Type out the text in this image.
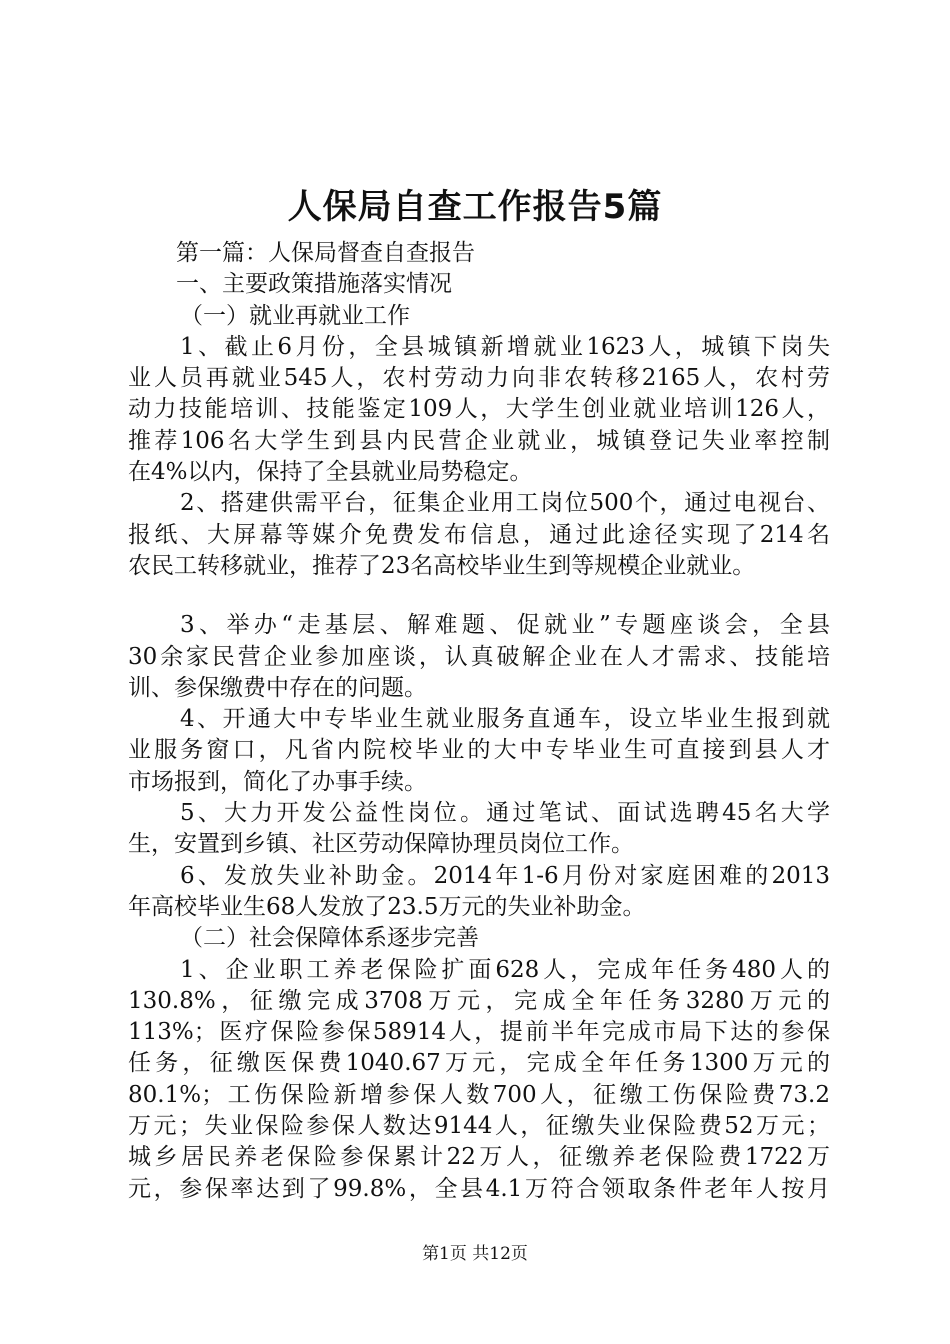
人保局自查工作报告5篇

第一篇：人保局督查自查报告

一、主要政策措施落实情况

（一）就业再就业工作

1、截止6月份，全县城镇新增就业1623人，城镇下岗失

业人员再就业545人，农村劳动力向非农转移2165人，农村劳

动力技能培训、技能鉴定109人，大学生创业就业培训126人，

推荐106名大学生到县内民营企业就业，城镇登记失业率控制

在4%以内，保持了全县就业局势稳定。

2、搭建供需平台，征集企业用工岗位500个，通过电视台、

报纸、大屏幕等媒介免费发布信息，通过此途径实现了214名

农民工转移就业，推荐了23名高校毕业生到等规模企业就业。

3、举办“走基层、解难题、促就业”专题座谈会，全县

30余家民营企业参加座谈，认真破解企业在人才需求、技能培

训、参保缴费中存在的问题。

4、开通大中专毕业生就业服务直通车，设立毕业生报到就

业服务窗口，凡省内院校毕业的大中专毕业生可直接到县人才

市场报到，简化了办事手续。

5、大力开发公益性岗位。通过笔试、面试选聘45名大学

生，安置到乡镇、社区劳动保障协理员岗位工作。

6、发放失业补助金。2014年1-6月份对家庭困难的2013

年高校毕业生68人发放了23.5万元的失业补助金。

（二）社会保障体系逐步完善

1、企业职工养老保险扩面628人，完成年任务480人的

130.8%，征缴完成3708万元，完成全年任务3280万元的

113%；医疗保险参保58914人，提前半年完成市局下达的参保

任务，征缴医保费1040.67万元，完成全年任务1300万元的

80.1%；工伤保险新增参保人数700人，征缴工伤保险费73.2

万元；失业保险参保人数达9144人，征缴失业保险费52万元；

城乡居民养老保险参保累计22万人，征缴养老保险费1722万

元，参保率达到了99.8%，全县4.1万符合领取条件老年人按月

第1页 共12页
